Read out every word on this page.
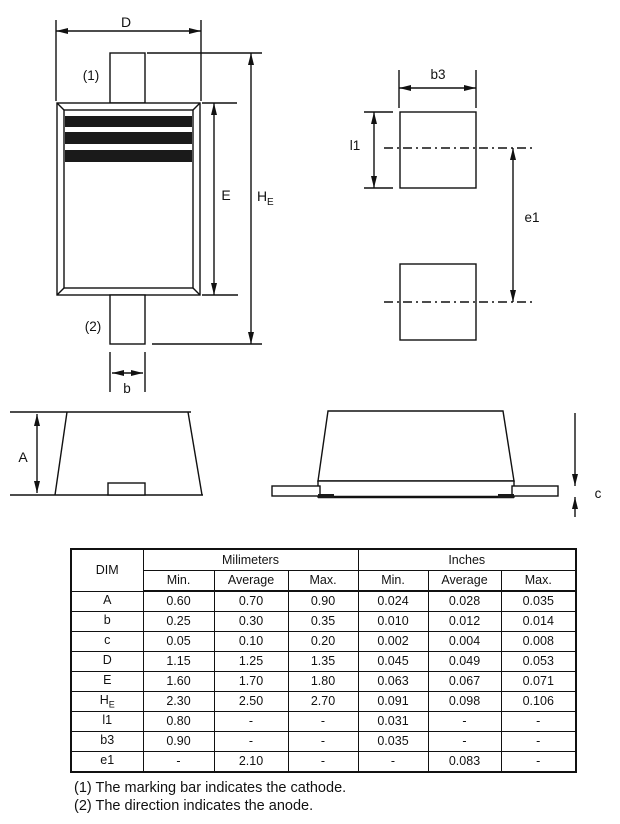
D
(1)
(2)
E H E
b
b3
l1
e1
A
c
DIM	Milimeters			Inches		
	Min.	Average	Max.	Min.	Average	Max.
A	0.60	0.70	0.90	0.024	0.028	0.035
b	0.25	0.30	0.35	0.010	0.012	0.014
c	0.05	0.10	0.20	0.002	0.004	0.008
D	1.15	1.25	1.35	0.045	0.049	0.053
E	1.60	1.70	1.80	0.063	0.067	0.071
$H_E$	2.30	2.50	2.70	0.091	0.098	0.106
l1	0.80	-	-	0.031	-	-
b3	0.90	-	-	0.035	-	-
e1	-	2.10	-	-	0.083	-
(1) The marking bar indicates the cathode.
(2) The direction indicates the anode.
